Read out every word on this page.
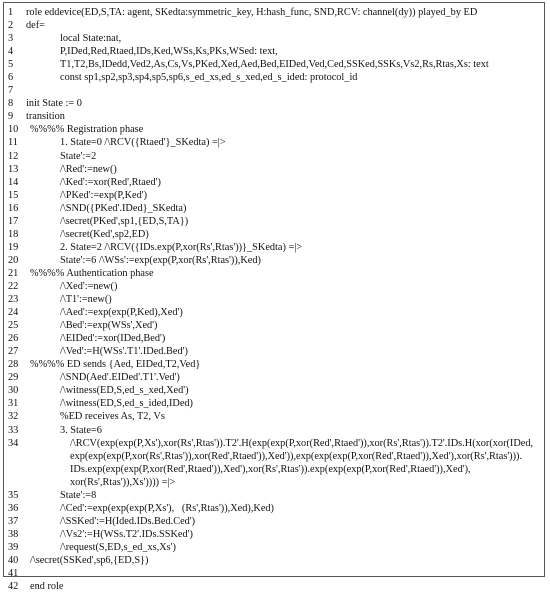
1	role eddevice(ED,S,TA: agent, SKedta:symmetric_key, H:hash_func, SND,RCV: channel(dy)) played_by ED
2	def=
3	local State:nat,
4	P,IDed,Red,Rtaed,IDs,Ked,WSs,Ks,PKs,WSed: text,
5	T1,T2,Bs,IDedd,Ved2,As,Cs,Vs,PKed,Xed,Aed,Bed,EIDed,Ved,Ced,SSKed,SSKs,Vs2,Rs,Rtas,Xs: text
6	const sp1,sp2,sp3,sp4,sp5,sp6,s_ed_xs,ed_s_xed,ed_s_ided: protocol_id
7
8	init State := 0
9	transition
10	%%%% Registration phase
11	1. State=0 /\RCV({Rtaed'}_SKedta) =|>
12	State':=2
13	/\Red':=new()
14	/\Ked':=xor(Red',Rtaed')
15	/\PKed':=exp(P,Ked')
16	/\SND({PKed'.IDed}_SKedta)
17	/\secret(PKed',sp1,{ED,S,TA})
18	/\secret(Ked',sp2,ED)
19	2. State=2 /\RCV({IDs.exp(P,xor(Rs',Rtas'))}_SKedta) =|>
20	State':=6 /\WSs':=exp(exp(P,xor(Rs',Rtas')),Ked)
21	%%%% Authentication phase
22	/\Xed':=new()
23	/\T1':=new()
24	/\Aed':=exp(exp(P,Ked),Xed')
25	/\Bed':=exp(WSs',Xed')
26	/\EIDed':=xor(IDed,Bed')
27	/\Ved':=H(WSs'.T1'.IDed.Bed')
28	%%%% ED sends {Aed, EIDed,T2,Ved}
29	/\SND(Aed'.EIDed'.T1'.Ved')
30	/\witness(ED,S,ed_s_xed,Xed')
31	/\witness(ED,S,ed_s_ided,IDed)
32	%ED receives As, T2, Vs
33	3. State=6
34	/\RCV(exp(exp(P,Xs'),xor(Rs',Rtas')).T2'.H(exp(exp(P,xor(Red',Rtaed')),xor(Rs',Rtas')).T2'.IDs.H(xor(xor(IDed, exp(exp(exp(P,xor(Rs',Rtas')),xor(Red',Rtaed')),Xed')),exp(exp(exp(P,xor(Red',Rtaed')),Xed'),xor(Rs',Rtas'))). IDs.exp(exp(exp(P,xor(Red',Rtaed')),Xed'),xor(Rs',Rtas')).exp(exp(exp(P,xor(Red',Rtaed')),Xed'), xor(Rs',Rtas')),Xs')))) =|>
35	State':=8
36	/\Ced':=exp(exp(exp(P,Xs'),   (Rs',Rtas')),Xed),Ked)
37	/\SSKed':=H(Ided.IDs.Bed.Ced')
38	/\Vs2':=H(WSs.T2'.IDs.SSKed')
39	/\request(S,ED,s_ed_xs,Xs')
40	/\secret(SSKed',sp6,{ED,S})
41
42	end role
